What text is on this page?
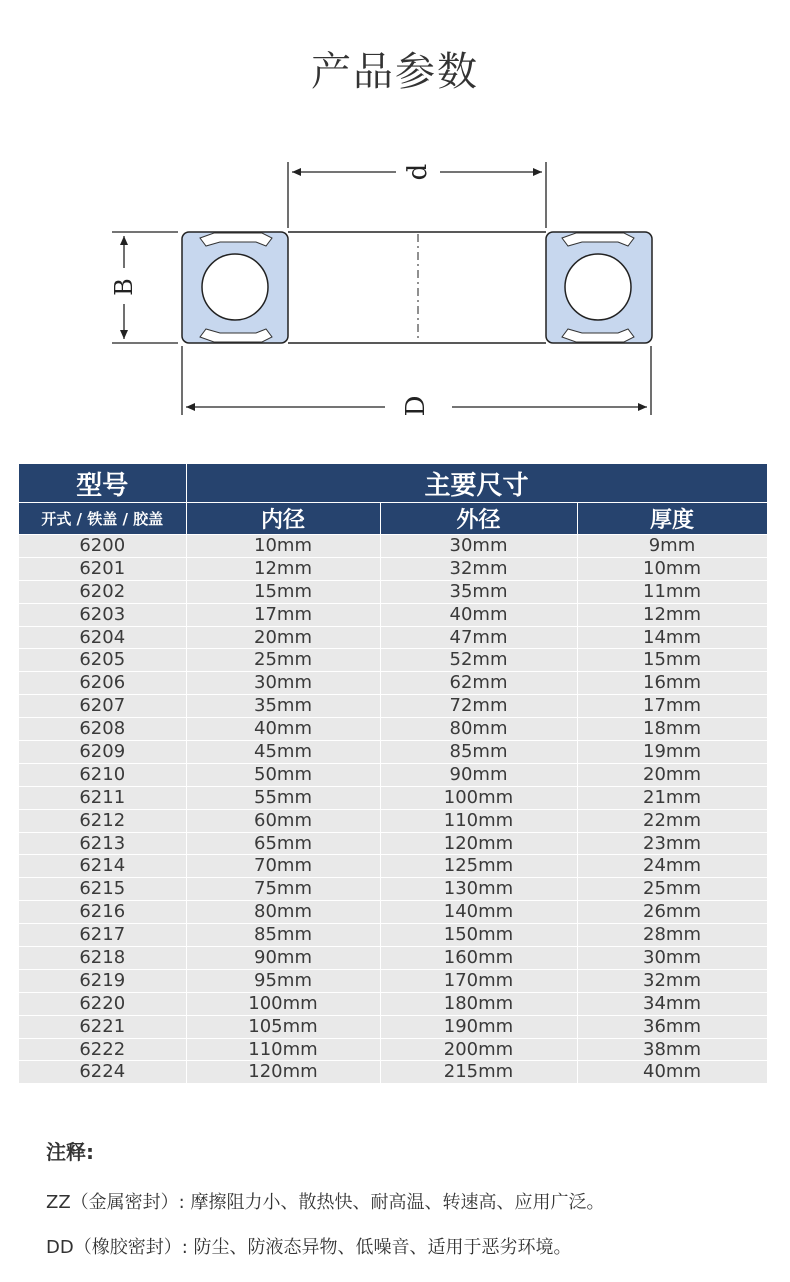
产品参数
d
B
D
型号	主要尺寸		
开式 / 铁盖 / 胶盖	内径	外径	厚度
6200	10mm	30mm	9mm
6201	12mm	32mm	10mm
6202	15mm	35mm	11mm
6203	17mm	40mm	12mm
6204	20mm	47mm	14mm
6205	25mm	52mm	15mm
6206	30mm	62mm	16mm
6207	35mm	72mm	17mm
6208	40mm	80mm	18mm
6209	45mm	85mm	19mm
6210	50mm	90mm	20mm
6211	55mm	100mm	21mm
6212	60mm	110mm	22mm
6213	65mm	120mm	23mm
6214	70mm	125mm	24mm
6215	75mm	130mm	25mm
6216	80mm	140mm	26mm
6217	85mm	150mm	28mm
6218	90mm	160mm	30mm
6219	95mm	170mm	32mm
6220	100mm	180mm	34mm
6221	105mm	190mm	36mm
6222	110mm	200mm	38mm
6224	120mm	215mm	40mm
注释:
ZZ（金属密封）: 摩擦阻力小、散热快、耐高温、转速高、应用广泛。
DD（橡胶密封）: 防尘、防液态异物、低噪音、适用于恶劣环境。
